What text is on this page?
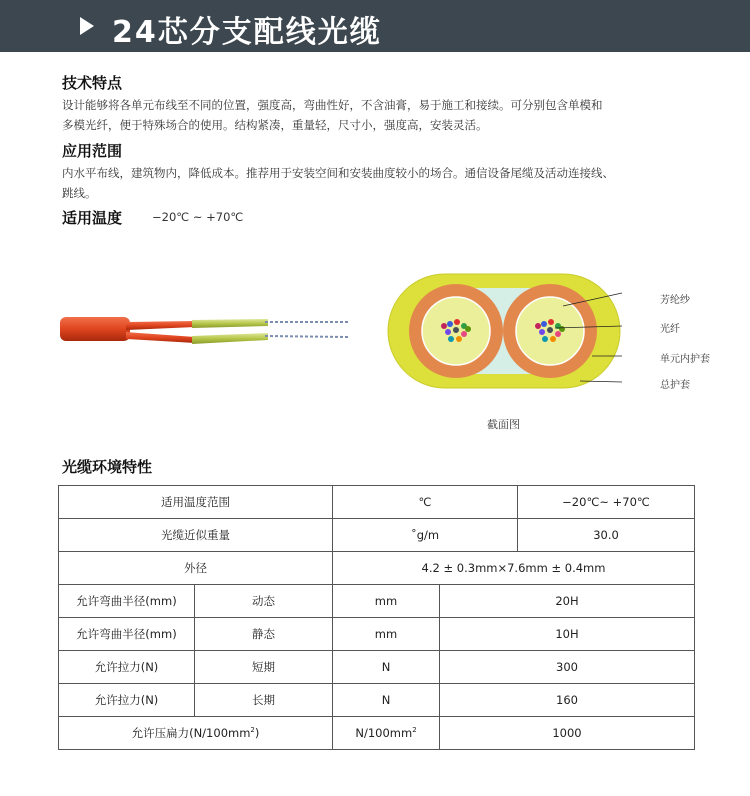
24芯分支配线光缆
技术特点
设计能够将各单元布线至不同的位置，强度高，弯曲性好，不含油膏，易于施工和接续。可分别包含单模和
多模光纤，便于特殊场合的使用。结构紧凑，重量轻，尺寸小，强度高，安装灵活。
应用范围
内水平布线，建筑物内，降低成本。推荐用于安装空间和安装曲度较小的场合。通信设备尾缆及活动连接线、
跳线。
适用温度	−20℃ ~ +70℃
芳纶纱
光纤
单元内护套
总护套
截面图
光缆环境特性
适用温度范围		℃		−20℃~ +70℃
光缆近似重量		˚g/m		30.0
外径		4.2 ± 0.3mm×7.6mm ± 0.4mm		
允许弯曲半径(mm)	动态	mm	20H	
允许弯曲半径(mm)	静态	mm	10H	
允许拉力(N)	短期	N	300	
允许拉力(N)	长期	N	160	
允许压扁力$(N/100mm^2)$		$N/100mm^2$	1000	
